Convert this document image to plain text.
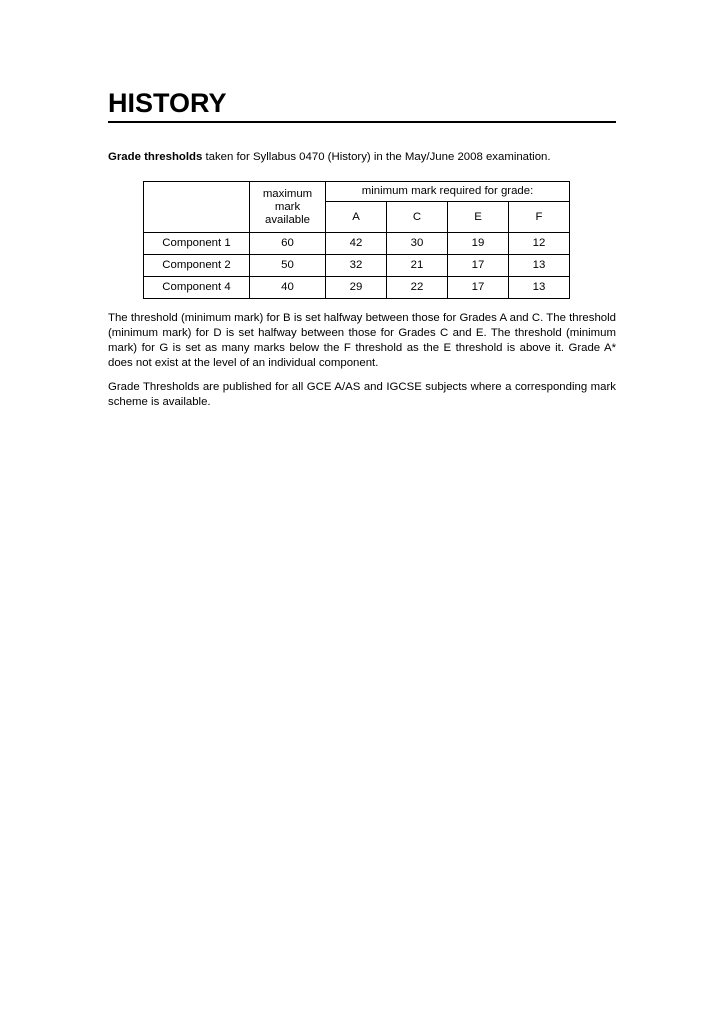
HISTORY

Grade thresholds taken for Syllabus 0470 (History) in the May/June 2008 examination.

	maximum
mark
available	minimum mark required for grade:			
		A	C	E	F
Component 1	60	42	30	19	12
Component 2	50	32	21	17	13
Component 4	40	29	22	17	13

The threshold (minimum mark) for B is set halfway between those for Grades A and C. The threshold (minimum mark) for D is set halfway between those for Grades C and E. The threshold (minimum mark) for G is set as many marks below the F threshold as the E threshold is above it. Grade A* does not exist at the level of an individual component.

Grade Thresholds are published for all GCE A/AS and IGCSE subjects where a corresponding mark scheme is available.
